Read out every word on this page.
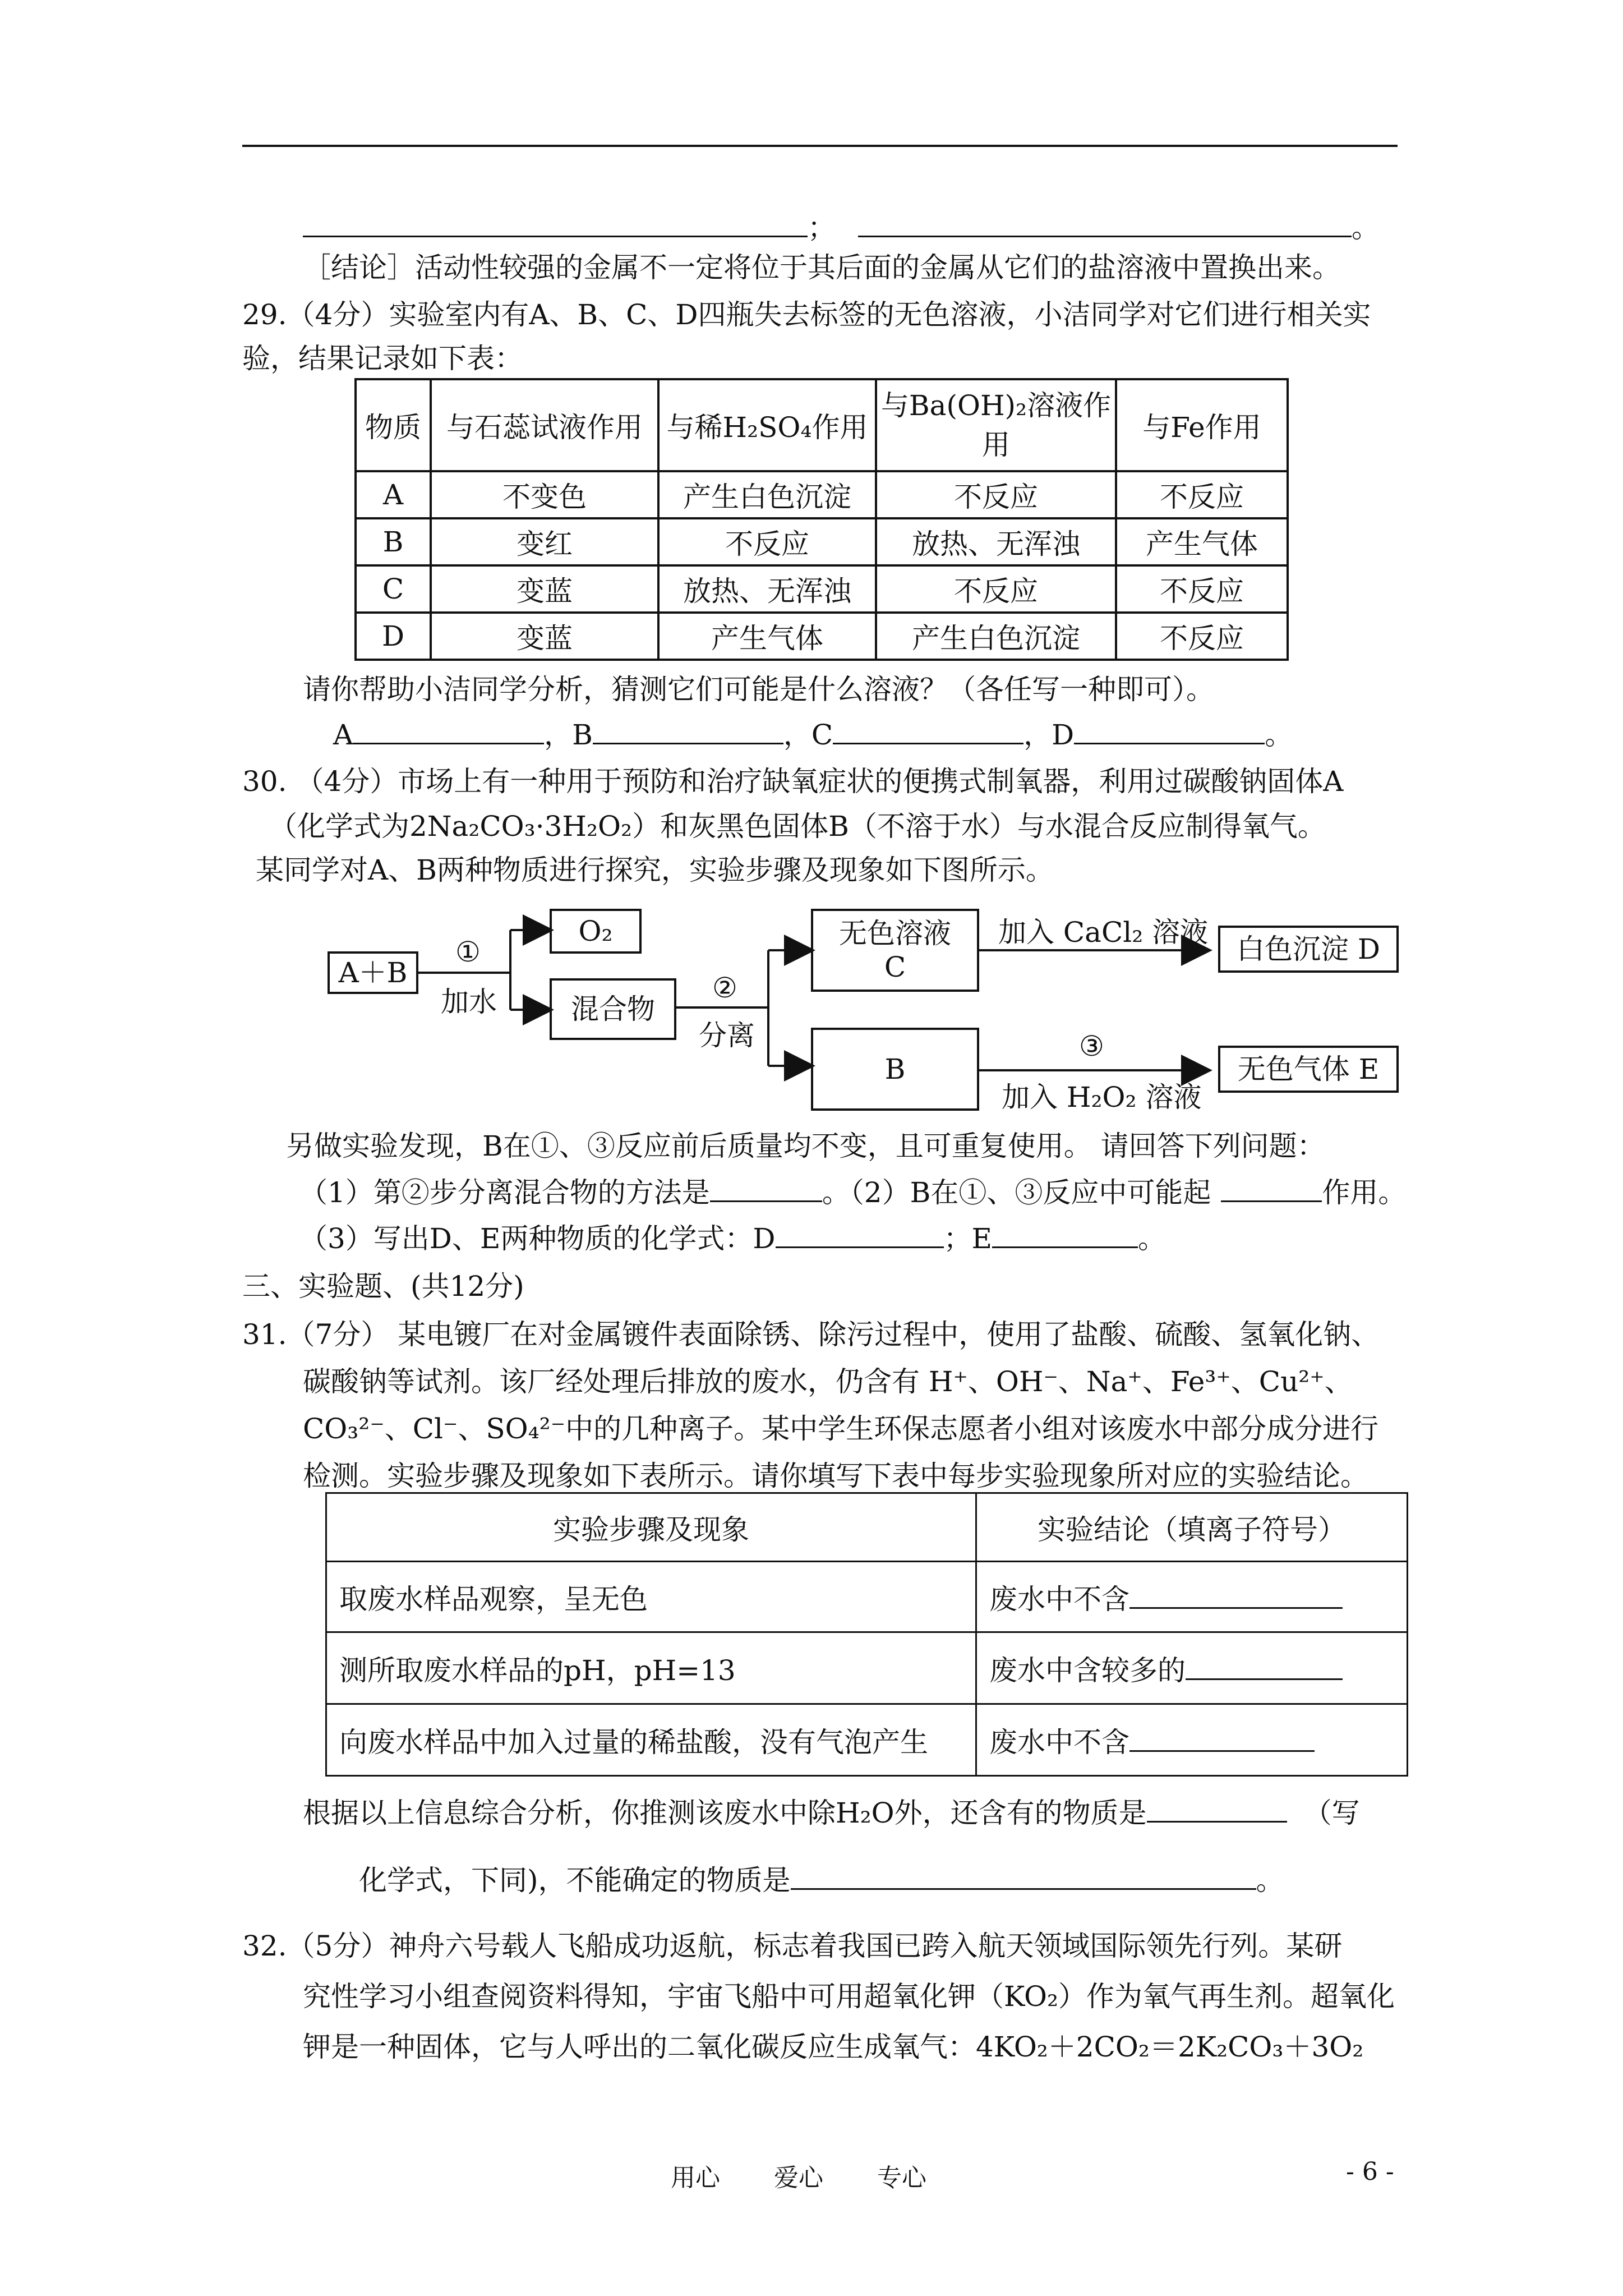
；	。
［结论］活动性较强的金属不一定将位于其后面的金属从它们的盐溶液中置换出来。
29.（4分）实验室内有A、B、C、D四瓶失去标签的无色溶液，小洁同学对它们进行相关实
验，结果记录如下表：
物质	与石蕊试液作用	与稀H₂SO₄作用	与Ba(OH)₂溶液作用	与Fe作用
A	不变色	产生白色沉淀	不反应	不反应
B	变红	不反应	放热、无浑浊	产生气体
C	变蓝	放热、无浑浊	不反应	不反应
D	变蓝	产生气体	产生白色沉淀	不反应
请你帮助小洁同学分析，猜测它们可能是什么溶液？（各任写一种即可）。
A	，B	，C	，D	。
30. （4分）市场上有一种用于预防和治疗缺氧症状的便携式制氧器，利用过碳酸钠固体A
（化学式为2Na₂CO₃·3H₂O₂）和灰黑色固体B（不溶于水）与水混合反应制得氧气。
某同学对A、B两种物质进行探究，实验步骤及现象如下图所示。
A＋B
O₂
混合物
无色溶液
C
B
白色沉淀 D
无色气体 E
①
加水	②
分离
加入 CaCl₂ 溶液
③
加入 H₂O₂ 溶液
另做实验发现，B在①、③反应前后质量均不变，且可重复使用。 请回答下列问题：
（1）第②步分离混合物的方法是	。（2）B在①、③反应中可能起	作用。
（3）写出D、E两种物质的化学式：D	；E	。
三、实验题、(共12分)
31.（7分） 某电镀厂在对金属镀件表面除锈、除污过程中，使用了盐酸、硫酸、氢氧化钠、
碳酸钠等试剂。该厂经处理后排放的废水，仍含有 H⁺、OH⁻、Na⁺、Fe³⁺、Cu²⁺、
CO₃²⁻、Cl⁻、SO₄²⁻中的几种离子。某中学生环保志愿者小组对该废水中部分成分进行
检测。实验步骤及现象如下表所示。请你填写下表中每步实验现象所对应的实验结论。
实验步骤及现象	实验结论（填离子符号）
取废水样品观察，呈无色	废水中不含
测所取废水样品的pH，pH=13	废水中含较多的
向废水样品中加入过量的稀盐酸，没有气泡产生	废水中不含
根据以上信息综合分析，你推测该废水中除H₂O外，还含有的物质是	（写
化学式，下同)，不能确定的物质是	。
32.（5分）神舟六号载人飞船成功返航，标志着我国已跨入航天领域国际领先行列。某研
究性学习小组查阅资料得知，宇宙飞船中可用超氧化钾（KO₂）作为氧气再生剂。超氧化
钾是一种固体，它与人呼出的二氧化碳反应生成氧气：4KO₂＋2CO₂＝2K₂CO₃＋3O₂
用心 爱心 专心	- 6 -
